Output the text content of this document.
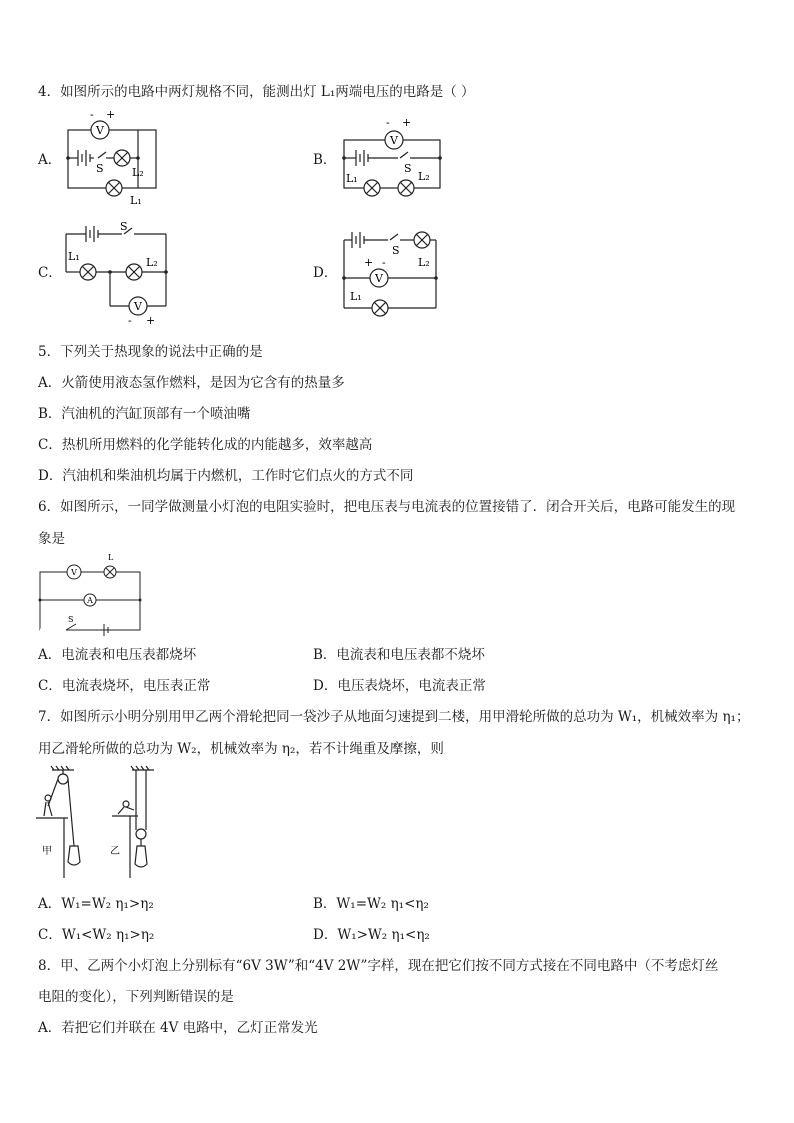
4．如图所示的电路中两灯规格不同，能测出灯 L₁两端电压的电路是（ ）
A．
V
- +
S	L₂
L₁
B．
V
- +
S
L₁	L₂
C．
V
- +
S
L₁	L₂
D．	V
+ -
S
L₂
L₁
5．下列关于热现象的说法中正确的是
A．火箭使用液态氢作燃料，是因为它含有的热量多
B．汽油机的汽缸顶部有一个喷油嘴
C．热机所用燃料的化学能转化成的内能越多，效率越高
D．汽油机和柴油机均属于内燃机，工作时它们点火的方式不同
6．如图所示，一同学做测量小灯泡的电阻实验时，把电压表与电流表的位置接错了．闭合开关后，电路可能发生的现
象是
V
L
A
S
A．电流表和电压表都烧坏	B．电流表和电压表都不烧坏
C．电流表烧坏，电压表正常	D．电压表烧坏，电流表正常
7．如图所示小明分别用甲乙两个滑轮把同一袋沙子从地面匀速提到二楼，用甲滑轮所做的总功为 W₁，机械效率为 η₁；
用乙滑轮所做的总功为 W₂，机械效率为 η₂，若不计绳重及摩擦，则
甲	乙
A．W₁=W₂ η₁>η₂	B．W₁=W₂ η₁<η₂
C．W₁<W₂ η₁>η₂	D．W₁>W₂ η₁<η₂
8．甲、乙两个小灯泡上分别标有“6V 3W”和“4V 2W”字样，现在把它们按不同方式接在不同电路中（不考虑灯丝
电阻的变化），下列判断错误的是
A．若把它们并联在 4V 电路中，乙灯正常发光
